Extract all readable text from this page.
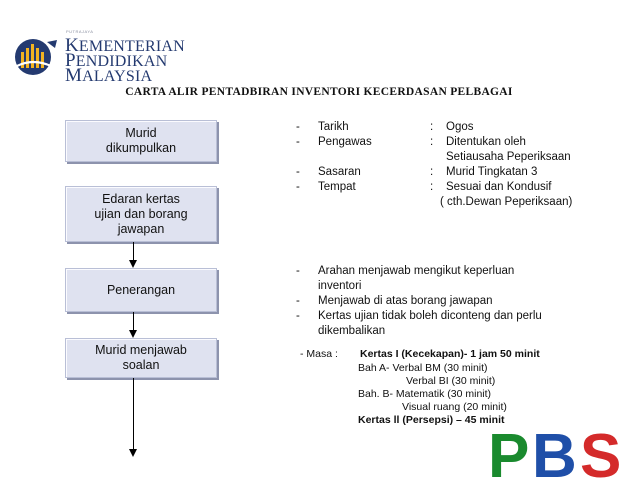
PUTRAJAYA
KEMENTERIAN
PENDIDIKAN
MALAYSIA
CARTA ALIR PENTADBIRAN INVENTORI KECERDASAN PELBAGAI
Murid
dikumpulkan
Edaran kertas
ujian dan borang
jawapan
Penerangan
Murid menjawab
soalan
- Tarikh	: Ogos
- Pengawas	: Ditentukan oleh
Setiausaha Peperiksaan
- Sasaran	: Murid Tingkatan 3
- Tempat	: Sesuai dan Kondusif
( cth.Dewan Peperiksaan)
- Arahan menjawab mengikut keperluan
inventori
- Menjawab di atas borang jawapan
- Kertas ujian tidak boleh diconteng dan perlu
dikembalikan
- Masa : Kertas I (Kecekapan)- 1 jam 50 minit
Bah A- Verbal BM (30 minit)
Verbal BI (30 minit)
Bah. B- Matematik (30 minit)
Visual ruang (20 minit)
Kertas ll (Persepsi) – 45 minit
P B S
